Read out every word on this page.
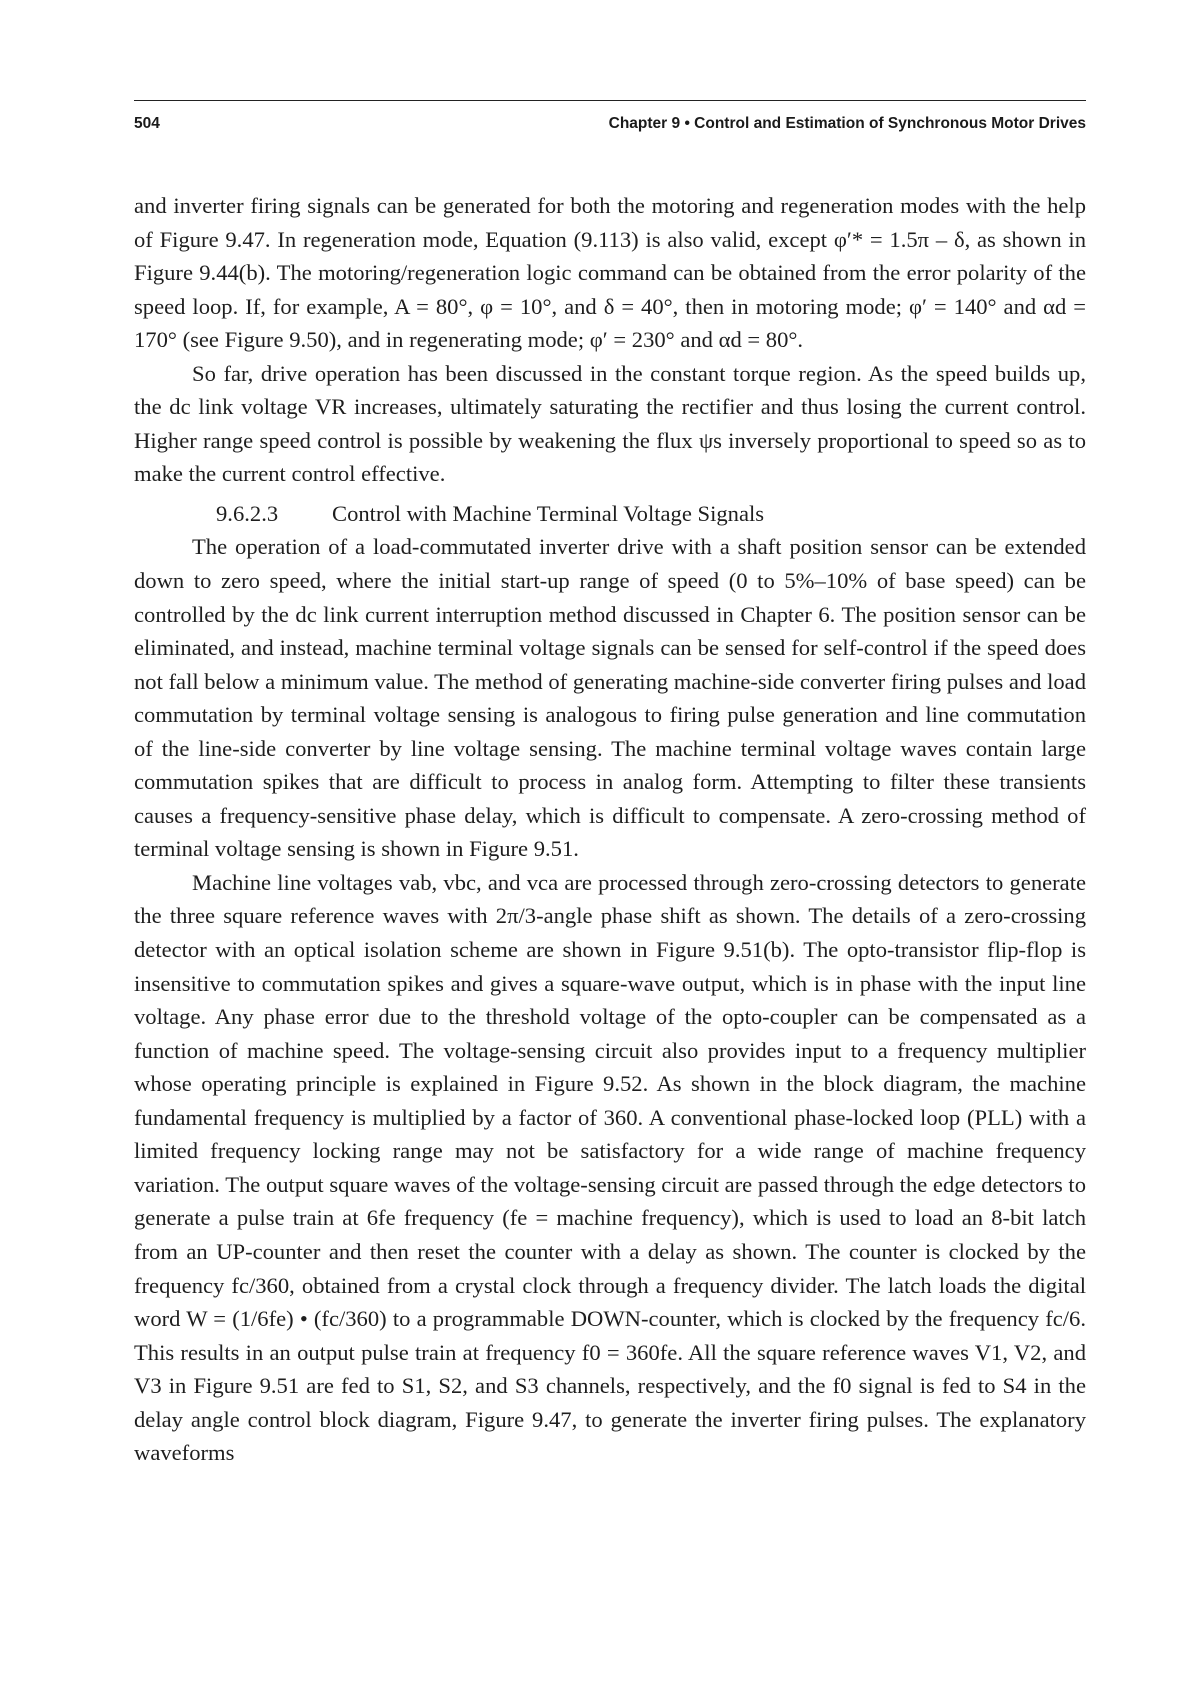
504	Chapter 9 • Control and Estimation of Synchronous Motor Drives

and inverter firing signals can be generated for both the motoring and regeneration modes with the help of Figure 9.47. In regeneration mode, Equation (9.113) is also valid, except φ′* = 1.5π – δ, as shown in Figure 9.44(b). The motoring/regeneration logic command can be obtained from the error polarity of the speed loop. If, for example, A = 80°, φ = 10°, and δ = 40°, then in motoring mode; φ′ = 140° and αd = 170° (see Figure 9.50), and in regenerating mode; φ′ = 230° and αd = 80°.

So far, drive operation has been discussed in the constant torque region. As the speed builds up, the dc link voltage VR increases, ultimately saturating the rectifier and thus losing the current control. Higher range speed control is possible by weakening the flux ψs inversely proportional to speed so as to make the current control effective.

9.6.2.3 Control with Machine Terminal Voltage Signals

The operation of a load-commutated inverter drive with a shaft position sensor can be extended down to zero speed, where the initial start-up range of speed (0 to 5%–10% of base speed) can be controlled by the dc link current interruption method discussed in Chapter 6. The position sensor can be eliminated, and instead, machine terminal voltage signals can be sensed for self-control if the speed does not fall below a minimum value. The method of generating machine-side converter firing pulses and load commutation by terminal voltage sensing is analogous to firing pulse generation and line commutation of the line-side converter by line voltage sensing. The machine terminal voltage waves contain large commutation spikes that are difficult to process in analog form. Attempting to filter these transients causes a frequency-sensitive phase delay, which is difficult to compensate. A zero-crossing method of terminal voltage sensing is shown in Figure 9.51.

Machine line voltages vab, vbc, and vca are processed through zero-crossing detectors to generate the three square reference waves with 2π/3-angle phase shift as shown. The details of a zero-crossing detector with an optical isolation scheme are shown in Figure 9.51(b). The opto-transistor flip-flop is insensitive to commutation spikes and gives a square-wave output, which is in phase with the input line voltage. Any phase error due to the threshold voltage of the opto-coupler can be compensated as a function of machine speed. The voltage-sensing circuit also provides input to a frequency multiplier whose operating principle is explained in Figure 9.52. As shown in the block diagram, the machine fundamental frequency is multiplied by a factor of 360. A conventional phase-locked loop (PLL) with a limited frequency locking range may not be satisfactory for a wide range of machine frequency variation. The output square waves of the voltage-sensing circuit are passed through the edge detectors to generate a pulse train at 6fe frequency (fe = machine frequency), which is used to load an 8-bit latch from an UP-counter and then reset the counter with a delay as shown. The counter is clocked by the frequency fc/360, obtained from a crystal clock through a frequency divider. The latch loads the digital word W = (1/6fe) • (fc/360) to a programmable DOWN-counter, which is clocked by the frequency fc/6. This results in an output pulse train at frequency f0 = 360fe. All the square reference waves V1, V2, and V3 in Figure 9.51 are fed to S1, S2, and S3 channels, respectively, and the f0 signal is fed to S4 in the delay angle control block diagram, Figure 9.47, to generate the inverter firing pulses. The explanatory waveforms
